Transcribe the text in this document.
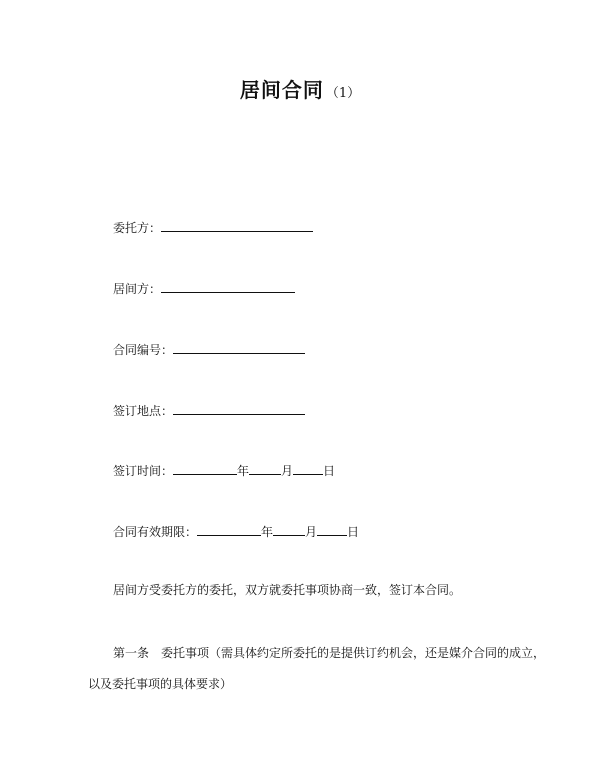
居间合同 （1）
委托方：
居间方：
合同编号：
签订地点：
签订时间：	年	月	日
合同有效期限：	年	月	日
居间方受委托方的委托，双方就委托事项协商一致，签订本合同。
第一条　委托事项（需具体约定所委托的是提供订约机会，还是媒介合同的成立，
以及委托事项的具体要求）
